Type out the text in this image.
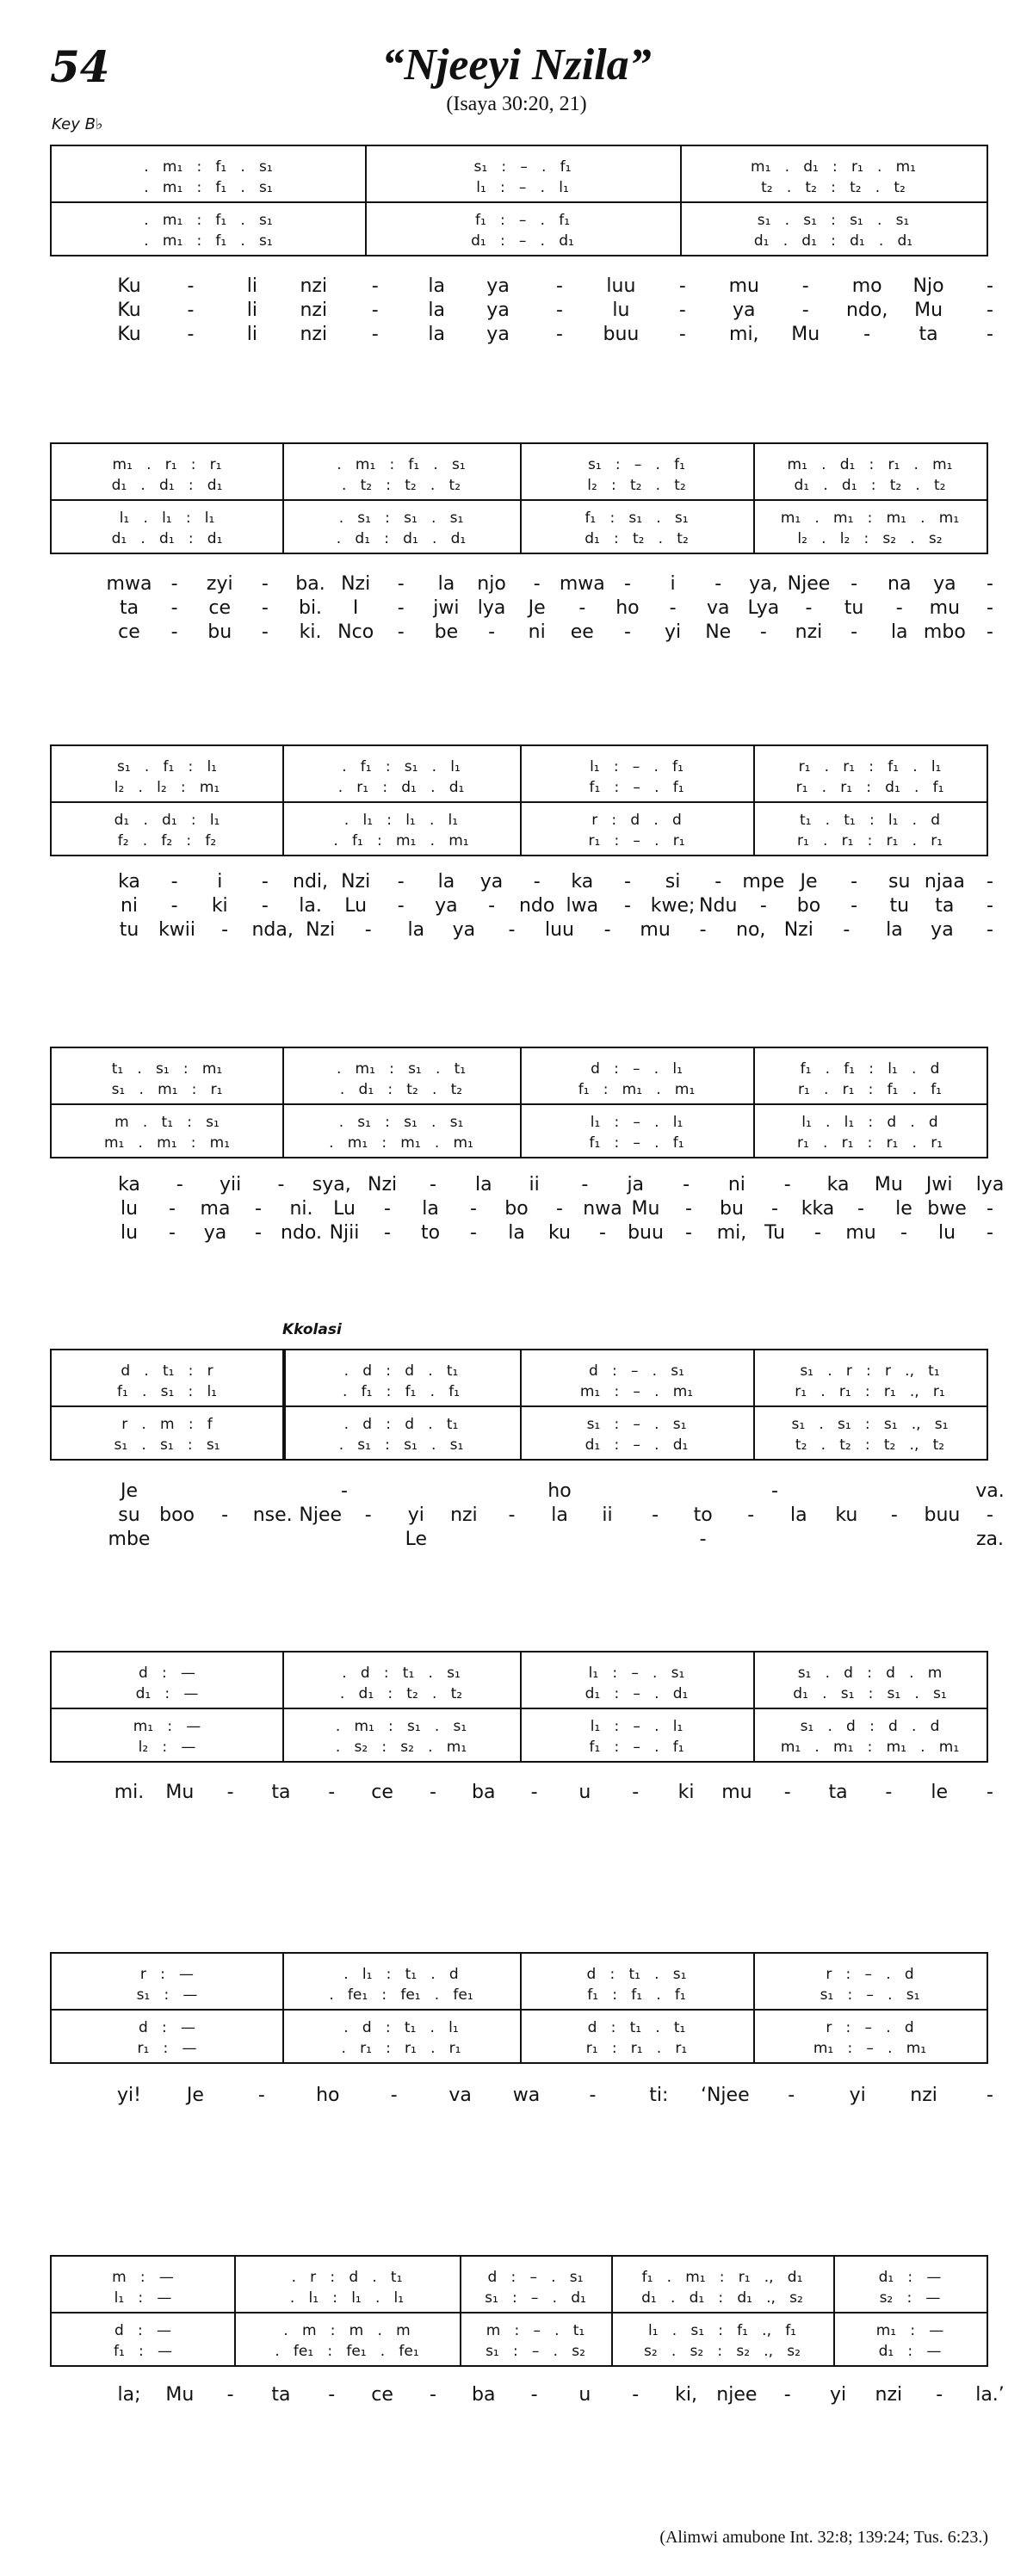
54	“Njeeyi Nzila”
(Isaya 30:20, 21)
Key B♭
Kkolasi
(Alimwi amubone Int. 32:8; 139:24; Tus. 6:23.)
.   m₁   :   f₁   .   s₁	s₁   :   –   .   f₁	m₁   .   d₁   :   r₁   .   m₁
.   m₁   :   f₁   .   s₁	l₁   :   –   .   l₁	t₂   .   t₂   :   t₂   .   t₂
.   m₁   :   f₁   .   s₁	f₁   :   –   .   f₁	s₁   .   s₁   :   s₁   .   s₁
.   m₁   :   f₁   .   s₁	d₁   :   –   .   d₁	d₁   .   d₁   :   d₁   .   d₁
Ku -	li nzi -	la ya - luu - mu - mo Njo -
Ku -	li nzi -	la ya -	lu	- ya - ndo, Mu -
Ku -	li nzi -	la ya - buu - mi, Mu -	ta	-
m₁   .   r₁   :   r₁	.   m₁   :   f₁   .   s₁	s₁   :   –   .   f₁	m₁   .   d₁   :   r₁   .   m₁
d₁   .   d₁   :   d₁	.   t₂   :   t₂   .   t₂	l₂   :   t₂   .   t₂	d₁   .   d₁   :   t₂   .   t₂
l₁   .   l₁   :   l₁	.   s₁   :   s₁   .   s₁	f₁   :   s₁   .   s₁	m₁   .   m₁   :   m₁   .   m₁
d₁   .   d₁   :   d₁	.   d₁   :   d₁   .   d₁	d₁   :   t₂   .   t₂	l₂   .   l₂   :   s₂   .   s₂
mwa - zyi - ba. Nzi - la njo - mwa - i - ya, Njee - na ya -
ta - ce - bi. I - jwi lya Je - ho - va Lya - tu - mu -
ce - bu - ki. Nco - be - ni ee - yi Ne - nzi - la mbo -
s₁   .   f₁   :   l₁	.   f₁   :   s₁   .   l₁	l₁   :   –   .   f₁	r₁   .   r₁   :   f₁   .   l₁
l₂   .   l₂   :   m₁	.   r₁   :   d₁   .   d₁	f₁   :   –   .   f₁	r₁   .   r₁   :   d₁   .   f₁
d₁   .   d₁   :   l₁	.   l₁   :   l₁   .   l₁	r   :   d   .   d	t₁   .   t₁   :   l₁   .   d
f₂   .   f₂   :   f₂	.   f₁   :   m₁   .   m₁	r₁   :   –   .   r₁	r₁   .   r₁   :   r₁   .   r₁
ka - i - ndi, Nzi - la ya - ka - si - mpe Je - su njaa -
ni - ki - la. Lu - ya - ndo lwa - kwe; Ndu - bo - tu ta -
tu kwii - nda, Nzi - la ya - luu - mu - no, Nzi - la ya -
t₁   .   s₁   :   m₁	.   m₁   :   s₁   .   t₁	d   :   –   .   l₁	f₁   .   f₁   :   l₁   .   d
s₁   .   m₁   :   r₁	.   d₁   :   t₂   .   t₂	f₁   :   m₁   .   m₁	r₁   .   r₁   :   f₁   .   f₁
m   .   t₁   :   s₁	.   s₁   :   s₁   .   s₁	l₁   :   –   .   l₁	l₁   .   l₁   :   d   .   d
m₁   .   m₁   :   m₁	.   m₁   :   m₁   .   m₁	f₁   :   –   .   f₁	r₁   .   r₁   :   r₁   .   r₁
ka - yii - sya, Nzi - la ii - ja - ni - ka Mu Jwi lya
lu - ma - ni. Lu - la - bo - nwa Mu - bu - kka - le bwe -
lu - ya - ndo. Njii - to - la ku - buu - mi, Tu - mu - lu -
d   .   t₁   :   r	.   d   :   d   .   t₁	d   :   –   .   s₁	s₁   .   r   :   r   .,   t₁
f₁   .   s₁   :   l₁	.   f₁   :   f₁   .   f₁	m₁   :   –   .   m₁	r₁   .   r₁   :   r₁   .,   r₁
r   .   m   :   f	.   d   :   d   .   t₁	s₁   :   –   .   s₁	s₁   .   s₁   :   s₁   .,   s₁
s₁   .   s₁   :   s₁	.   s₁   :   s₁   .   s₁	d₁   :   –   .   d₁	t₂   .   t₂   :   t₂   .,   t₂
Je	-	ho	-	va.
su boo - nse. Njee - yi nzi - la ii - to - la ku - buu -
mbe	Le	-	za.
d   :   —	.   d   :   t₁   .   s₁	l₁   :   –   .   s₁	s₁   .   d   :   d   .   m
d₁   :   —	.   d₁   :   t₂   .   t₂	d₁   :   –   .   d₁	d₁   .   s₁   :   s₁   .   s₁
m₁   :   —	.   m₁   :   s₁   .   s₁	l₁   :   –   .   l₁	s₁   .   d   :   d   .   d
l₂   :   —	.   s₂   :   s₂   .   m₁	f₁   :   –   .   f₁	m₁   .   m₁   :   m₁   .   m₁
mi. Mu - ta - ce - ba - u - ki mu - ta - le -
r   :   —	.   l₁   :   t₁   .   d	d   :   t₁   .   s₁	r   :   –   .   d
s₁   :   —	.   fe₁   :   fe₁   .   fe₁	f₁   :   f₁   .   f₁	s₁   :   –   .   s₁
d   :   —	.   d   :   t₁   .   l₁	d   :   t₁   .   t₁	r   :   –   .   d
r₁   :   —	.   r₁   :   r₁   .   r₁	r₁   :   r₁   .   r₁	m₁   :   –   .   m₁
yi! Je	-	ho	-	va wa	-	ti: ‘Njee -	yi nzi	-
m   :   —	.   r   :   d   .   t₁	d   :   –   .   s₁	f₁   .   m₁   :   r₁   .,   d₁	d₁   :   —
l₁   :   —	.   l₁   :   l₁   .   l₁	s₁   :   –   .   d₁	d₁   .   d₁   :   d₁   .,   s₂	s₂   :   —
d   :   —	.   m   :   m   .   m	m   :   –   .   t₁	l₁   .   s₁   :   f₁   .,   f₁	m₁   :   —
f₁   :   —	.   fe₁   :   fe₁   .   fe₁	s₁   :   –   .   s₂	s₂   .   s₂   :   s₂   .,   s₂	d₁   :   —
la; Mu - ta - ce - ba - u - ki, njee - yi nzi - la.’
